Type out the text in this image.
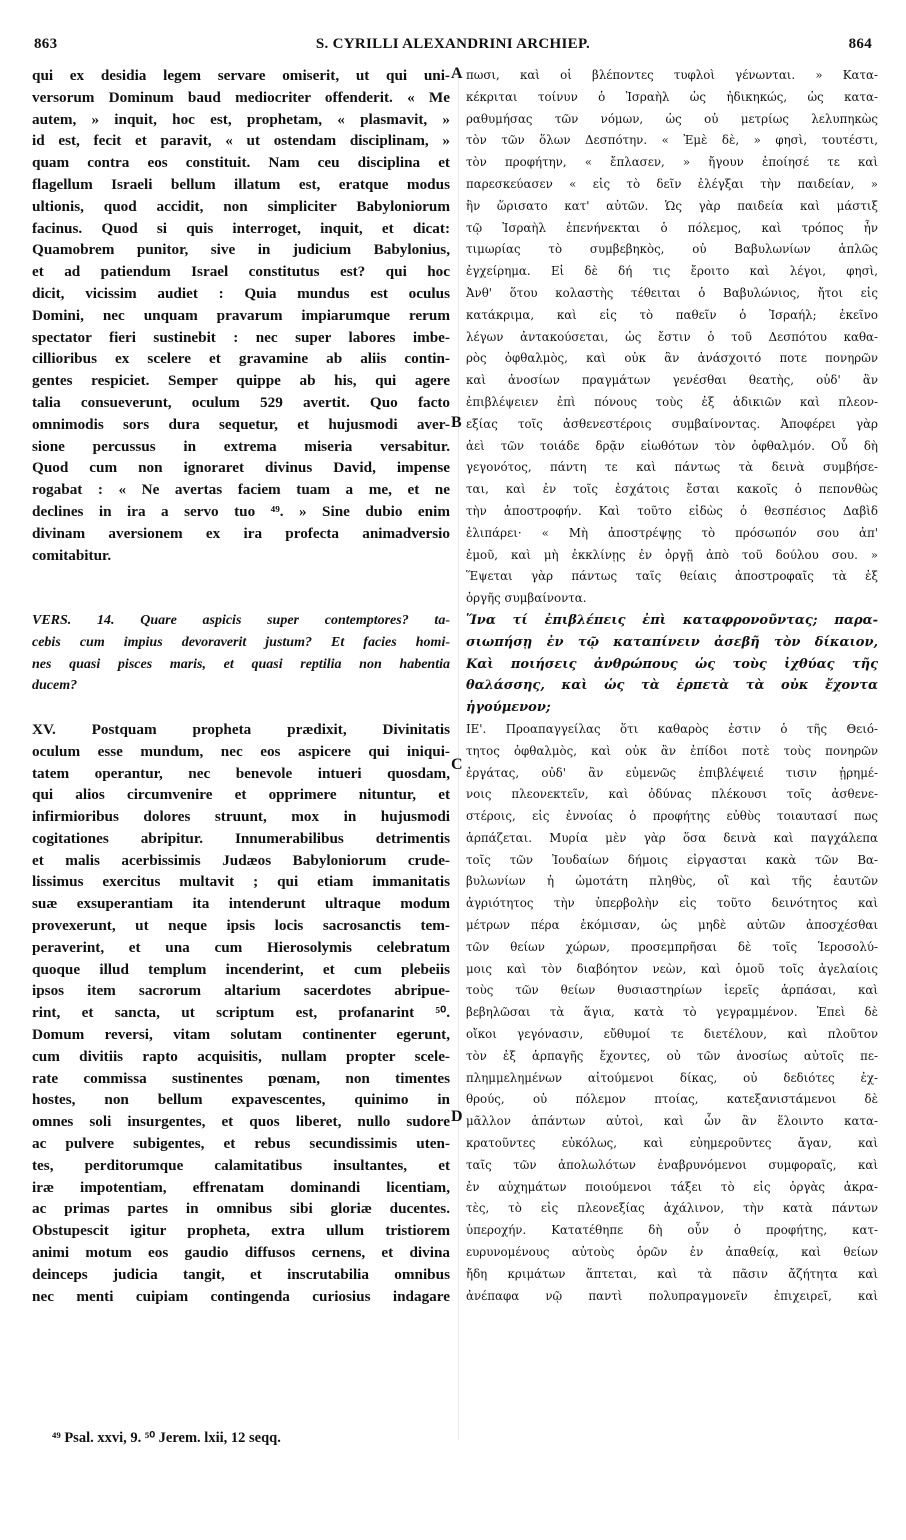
863	S. CYRILLI ALEXANDRINI ARCHIEP.	864
A
B
C
D
qui ex desidia legem servare omiserit, ut qui uni-
versorum Dominum baud mediocriter offenderit. « Me
autem, » inquit, hoc est, prophetam, « plasmavit, »
id est, fecit et paravit, « ut ostendam disciplinam, »
quam contra eos constituit. Nam ceu disciplina et
flagellum Israeli bellum illatum est, eratque modus
ultionis, quod accidit, non simpliciter Babyloniorum
facinus. Quod si quis interroget, inquit, et dicat:
Quamobrem punitor, sive in judicium Babylonius,
et ad patiendum Israel constitutus est? qui hoc
dicit, vicissim audiet : Quia mundus est oculus
Domini, nec unquam pravarum impiarumque rerum
spectator fieri sustinebit : nec super labores imbe-
cillioribus ex scelere et gravamine ab aliis contin-
gentes respiciet. Semper quippe ab his, qui agere
talia consueverunt, oculum 529 avertit. Quo facto
omnimodis sors dura sequetur, et hujusmodi aver-
sione percussus in extrema miseria versabitur.
Quod cum non ignoraret divinus David, impense
rogabat : « Ne avertas faciem tuam a me, et ne
declines in ira a servo tuo ⁴⁹. » Sine dubio enim
divinam aversionem ex ira profecta animadversio
comitabitur.
VERS. 14. Quare aspicis super contemptores? ta-
cebis cum impius devoraverit justum? Et facies homi-
nes quasi pisces maris, et quasi reptilia non habentia
ducem?
XV. Postquam propheta prædixit, Divinitatis
oculum esse mundum, nec eos aspicere qui iniqui-
tatem operantur, nec benevole intueri quosdam,
qui alios circumvenire et opprimere nituntur, et
infirmioribus dolores struunt, mox in hujusmodi
cogitationes abripitur. Innumerabilibus detrimentis
et malis acerbissimis Judæos Babyloniorum crude-
lissimus exercitus multavit ; qui etiam immanitatis
suæ exsuperantiam ita intenderunt ultraque modum
provexerunt, ut neque ipsis locis sacrosanctis tem-
peraverint, et una cum Hierosolymis celebratum
quoque illud templum incenderint, et cum plebeiis
ipsos item sacrorum altarium sacerdotes abripue-
rint, et sancta, ut scriptum est, profanarint ⁵⁰.
Domum reversi, vitam solutam continenter egerunt,
cum divitiis rapto acquisitis, nullam propter scele-
rate commissa sustinentes pœnam, non timentes
hostes, non bellum expavescentes, quinimo in
omnes soli insurgentes, et quos liberet, nullo sudore
ac pulvere subigentes, et rebus secundissimis uten-
tes, perditorumque calamitatibus insultantes, et
iræ impotentiam, effrenatam dominandi licentiam,
ac primas partes in omnibus sibi gloriæ ducentes.
Obstupescit igitur propheta, extra ullum tristiorem
animi motum eos gaudio diffusos cernens, et divina
deinceps judicia tangit, et inscrutabilia omnibus
nec menti cuipiam contingenda curiosius indagare
πωσι, καὶ οἱ βλέποντες τυφλοὶ γένωνται. » Κατα-
κέκριται τοίνυν ὁ Ἰσραὴλ ὡς ἠδικηκώς, ὡς κατα-
ραθυμήσας τῶν νόμων, ὡς οὐ μετρίως λελυπηκὼς
τὸν τῶν ὅλων Δεσπότην. « Ἐμὲ δὲ, » φησὶ, τουτέστι,
τὸν προφήτην, « ἔπλασεν, » ἤγουν ἐποίησέ τε καὶ
παρεσκεύασεν « εἰς τὸ δεῖν ἐλέγξαι τὴν παιδείαν, »
ἣν ὥρισατο κατ' αὐτῶν. Ὡς γὰρ παιδεία καὶ μάστιξ
τῷ Ἰσραὴλ ἐπενήνεκται ὁ πόλεμος, καὶ τρόπος ἦν
τιμωρίας τὸ συμβεβηκὸς, οὐ Βαβυλωνίων ἁπλῶς
ἐγχείρημα. Εἰ δὲ δή τις ἔροιτο καὶ λέγοι, φησὶ,
Ἀνθ' ὅτου κολαστὴς τέθειται ὁ Βαβυλώνιος, ἤτοι εἰς
κατάκριμα, καὶ εἰς τὸ παθεῖν ὁ Ἰσραήλ; ἐκεῖνο
λέγων ἀντακούσεται, ὡς ἔστιν ὁ τοῦ Δεσπότου καθα-
ρὸς ὀφθαλμὸς, καὶ οὐκ ἂν ἀνάσχοιτό ποτε πονηρῶν
καὶ ἀνοσίων πραγμάτων γενέσθαι θεατὴς, οὐδ' ἂν
ἐπιβλέψειεν ἐπὶ πόνους τοὺς ἐξ ἀδικιῶν καὶ πλεον-
εξίας τοῖς ἀσθενεστέροις συμβαίνοντας. Ἀποφέρει γὰρ
ἀεὶ τῶν τοιάδε δρᾷν εἰωθότων τὸν ὀφθαλμόν. Οὗ δὴ
γεγονότος, πάντη τε καὶ πάντως τὰ δεινὰ συμβήσε-
ται, καὶ ἐν τοῖς ἐσχάτοις ἔσται κακοῖς ὁ πεπονθὼς
τὴν ἀποστροφήν. Καὶ τοῦτο εἰδὼς ὁ θεσπέσιος Δαβὶδ
ἐλιπάρει· « Μὴ ἀποστρέψῃς τὸ πρόσωπόν σου ἀπ'
ἐμοῦ, καὶ μὴ ἐκκλίνῃς ἐν ὀργῇ ἀπὸ τοῦ δούλου σου. »
Ἕψεται γὰρ πάντως ταῖς θείαις ἀποστροφαῖς τὰ ἐξ
ὀργῆς συμβαίνοντα.
Ἵνα τί ἐπιβλέπεις ἐπὶ καταφρονοῦντας; παρα-
σιωπήσῃ ἐν τῷ καταπίνειν ἀσεβῆ τὸν δίκαιον,
Καὶ ποιήσεις ἀνθρώπους ὡς τοὺς ἰχθύας τῆς
θαλάσσης, καὶ ὡς τὰ ἑρπετὰ τὰ οὐκ ἔχοντα
ἡγούμενον;
ΙΕ'. Προαπαγγείλας ὅτι καθαρὸς ἐστιν ὁ τῆς Θειό-
τητος ὀφθαλμὸς, καὶ οὐκ ἂν ἐπίδοι ποτὲ τοὺς πονηρῶν
ἐργάτας, οὐδ' ἂν εὐμενῶς ἐπιβλέψειέ τισιν ᾑρημέ-
νοις πλεονεκτεῖν, καὶ ὀδύνας πλέκουσι τοῖς ἀσθενε-
στέροις, εἰς ἐννοίας ὁ προφήτης εὐθὺς τοιαυτασί πως
ἁρπάζεται. Μυρία μὲν γὰρ ὅσα δεινὰ καὶ παγχάλεπα
τοῖς τῶν Ἰουδαίων δήμοις εἰργασται κακὰ τῶν Βα-
βυλωνίων ἡ ὠμοτάτη πληθὺς, οἳ καὶ τῆς ἑαυτῶν
ἀγριότητος τὴν ὑπερβολὴν εἰς τοῦτο δεινότητος καὶ
μέτρων πέρα ἐκόμισαν, ὡς μηδὲ αὐτῶν ἀποσχέσθαι
τῶν θείων χώρων, προσεμπρῆσαι δὲ τοῖς Ἱεροσολύ-
μοις καὶ τὸν διαβόητον νεὼν, καὶ ὁμοῦ τοῖς ἀγελαίοις
τοὺς τῶν θείων θυσιαστηρίων ἱερεῖς ἁρπάσαι, καὶ
βεβηλῶσαι τὰ ἅγια, κατὰ τὸ γεγραμμένον. Ἐπεὶ δὲ
οἴκοι γεγόνασιν, εὔθυμοί τε διετέλουν, καὶ πλοῦτον
τὸν ἐξ ἁρπαγῆς ἔχοντες, οὐ τῶν ἀνοσίως αὐτοῖς πε-
πλημμελημένων αἰτούμενοι δίκας, οὐ δεδιότες ἐχ-
θρούς, οὐ πόλεμον πτοίας, κατεξανιστάμενοι δὲ
μᾶλλον ἁπάντων αὐτοὶ, καὶ ὧν ἂν ἕλοιντο κατα-
κρατοῦντες εὐκόλως, καὶ εὐημεροῦντες ἄγαν, καὶ
ταῖς τῶν ἀπολωλότων ἐναβρυνόμενοι συμφοραῖς, καὶ
ἐν αὐχημάτων ποιούμενοι τάξει τὸ εἰς ὀργὰς ἀκρα-
τὲς, τὸ εἰς πλεονεξίας ἀχάλινον, τὴν κατὰ πάντων
ὑπεροχήν. Κατατέθηπε δὴ οὖν ὁ προφήτης, κατ-
ευρυνομένους αὐτοὺς ὁρῶν ἐν ἀπαθείᾳ, καὶ θείων
ἤδη κριμάτων ἅπτεται, καὶ τὰ πᾶσιν ἄζήτητα καὶ
ἀνέπαφα νῷ παντὶ πολυπραγμονεῖν ἐπιχειρεῖ, καὶ
⁴⁹ Psal. xxvi, 9. ⁵⁰ Jerem. lxii, 12 seqq.
